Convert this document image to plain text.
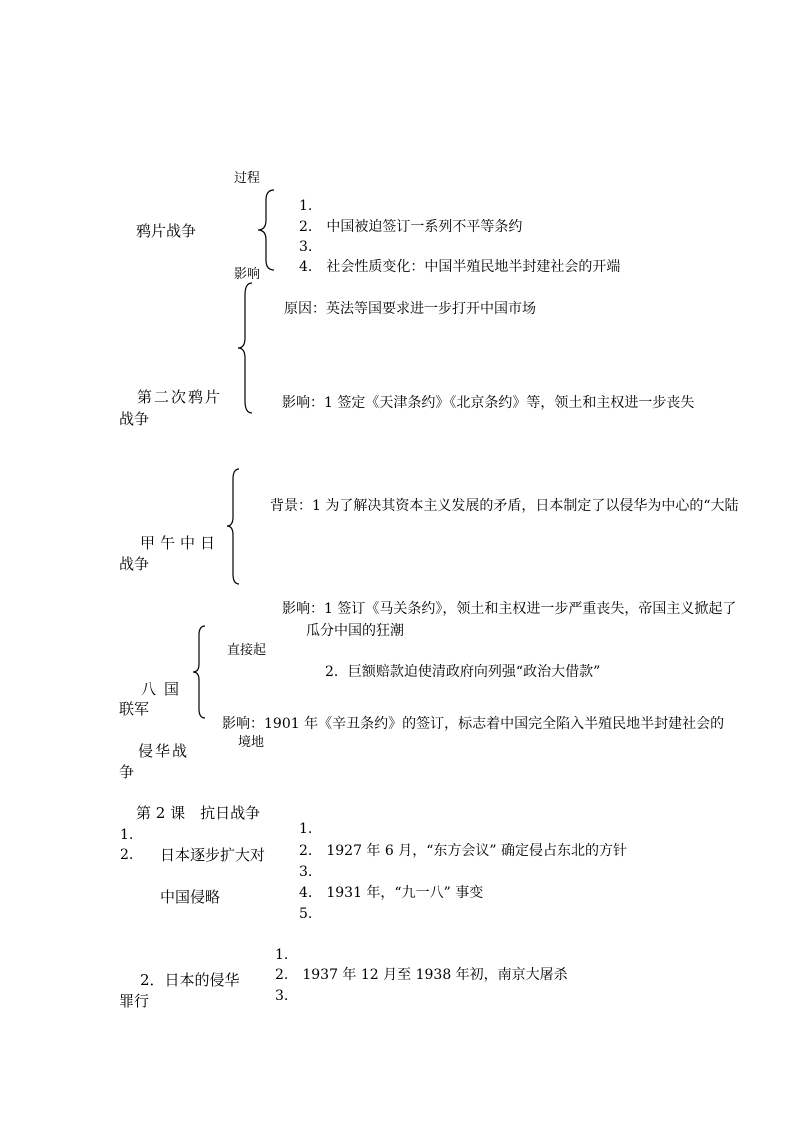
过程
鸦片战争
1.
2.　中国被迫签订一系列不平等条约
3.
4.　社会性质变化：中国半殖民地半封建社会的开端
影响
原因：英法等国要求进一步打开中国市场
第二次鸦片
战争
影响：1 签定《天津条约》《北京条约》等，领土和主权进一步丧失
背景：1 为了解决其资本主义发展的矛盾，日本制定了以侵华为中心的“大陆
甲午中日
战争
影响：1 签订《马关条约》，领土和主权进一步严重丧失，帝国主义掀起了
瓜分中国的狂潮
直接起
2．巨额赔款迫使清政府向列强“政治大借款”
八国
联军
影响：1901 年《辛丑条约》的签订，标志着中国完全陷入半殖民地半封建社会的
境地
侵华战
争
第 2 课　抗日战争
1.
2. 日本逐步扩大对
中国侵略
1.
2.　1927 年 6 月，“东方会议” 确定侵占东北的方针
3.
4.　1931 年，“九一八” 事变
5.
1.
2.　1937 年 12 月至 1938 年初，南京大屠杀
3.
2．日本的侵华
罪行
